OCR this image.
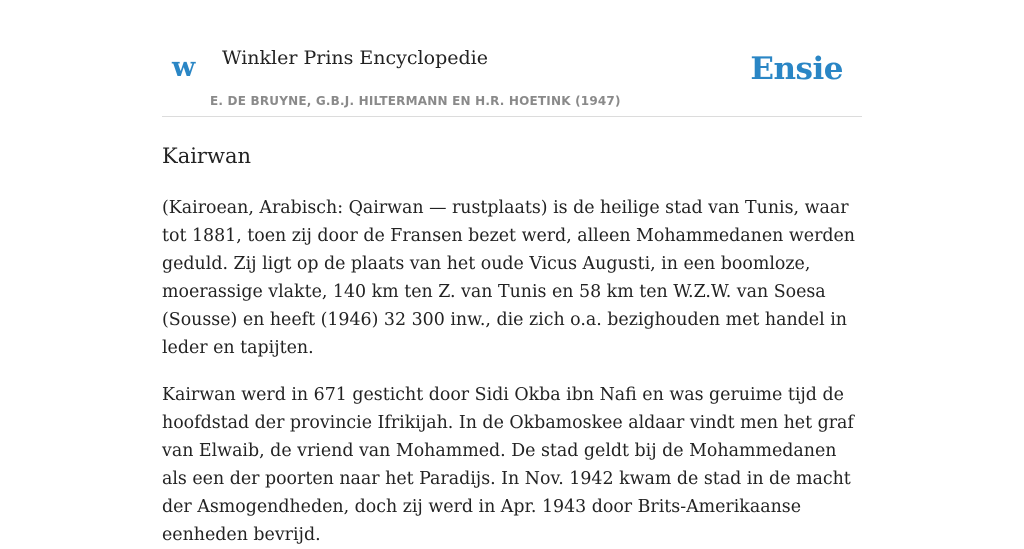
w Winkler Prins Encyclopedie	Ensie
E. DE BRUYNE, G.B.J. HILTERMANN EN H.R. HOETINK (1947)
Kairwan

(Kairoean, Arabisch: Qairwan — rustplaats) is de heilige stad van Tunis, waar tot 1881, toen zij door de Fransen bezet werd, alleen Mohammedanen werden geduld. Zij ligt op de plaats van het oude Vicus Augusti, in een boomloze, moerassige vlakte, 140 km ten Z. van Tunis en 58 km ten W.Z.W. van Soesa (Sousse) en heeft (1946) 32 300 inw., die zich o.a. bezighouden met handel in leder en tapijten.

Kairwan werd in 671 gesticht door Sidi Okba ibn Nafi en was geruime tijd de hoofdstad der provincie Ifrikijah. In de Okbamoskee aldaar vindt men het graf van Elwaib, de vriend van Mohammed. De stad geldt bij de Mohammedanen als een der poorten naar het Paradijs. In Nov. 1942 kwam de stad in de macht der Asmogendheden, doch zij werd in Apr. 1943 door Brits-Amerikaanse eenheden bevrijd.
